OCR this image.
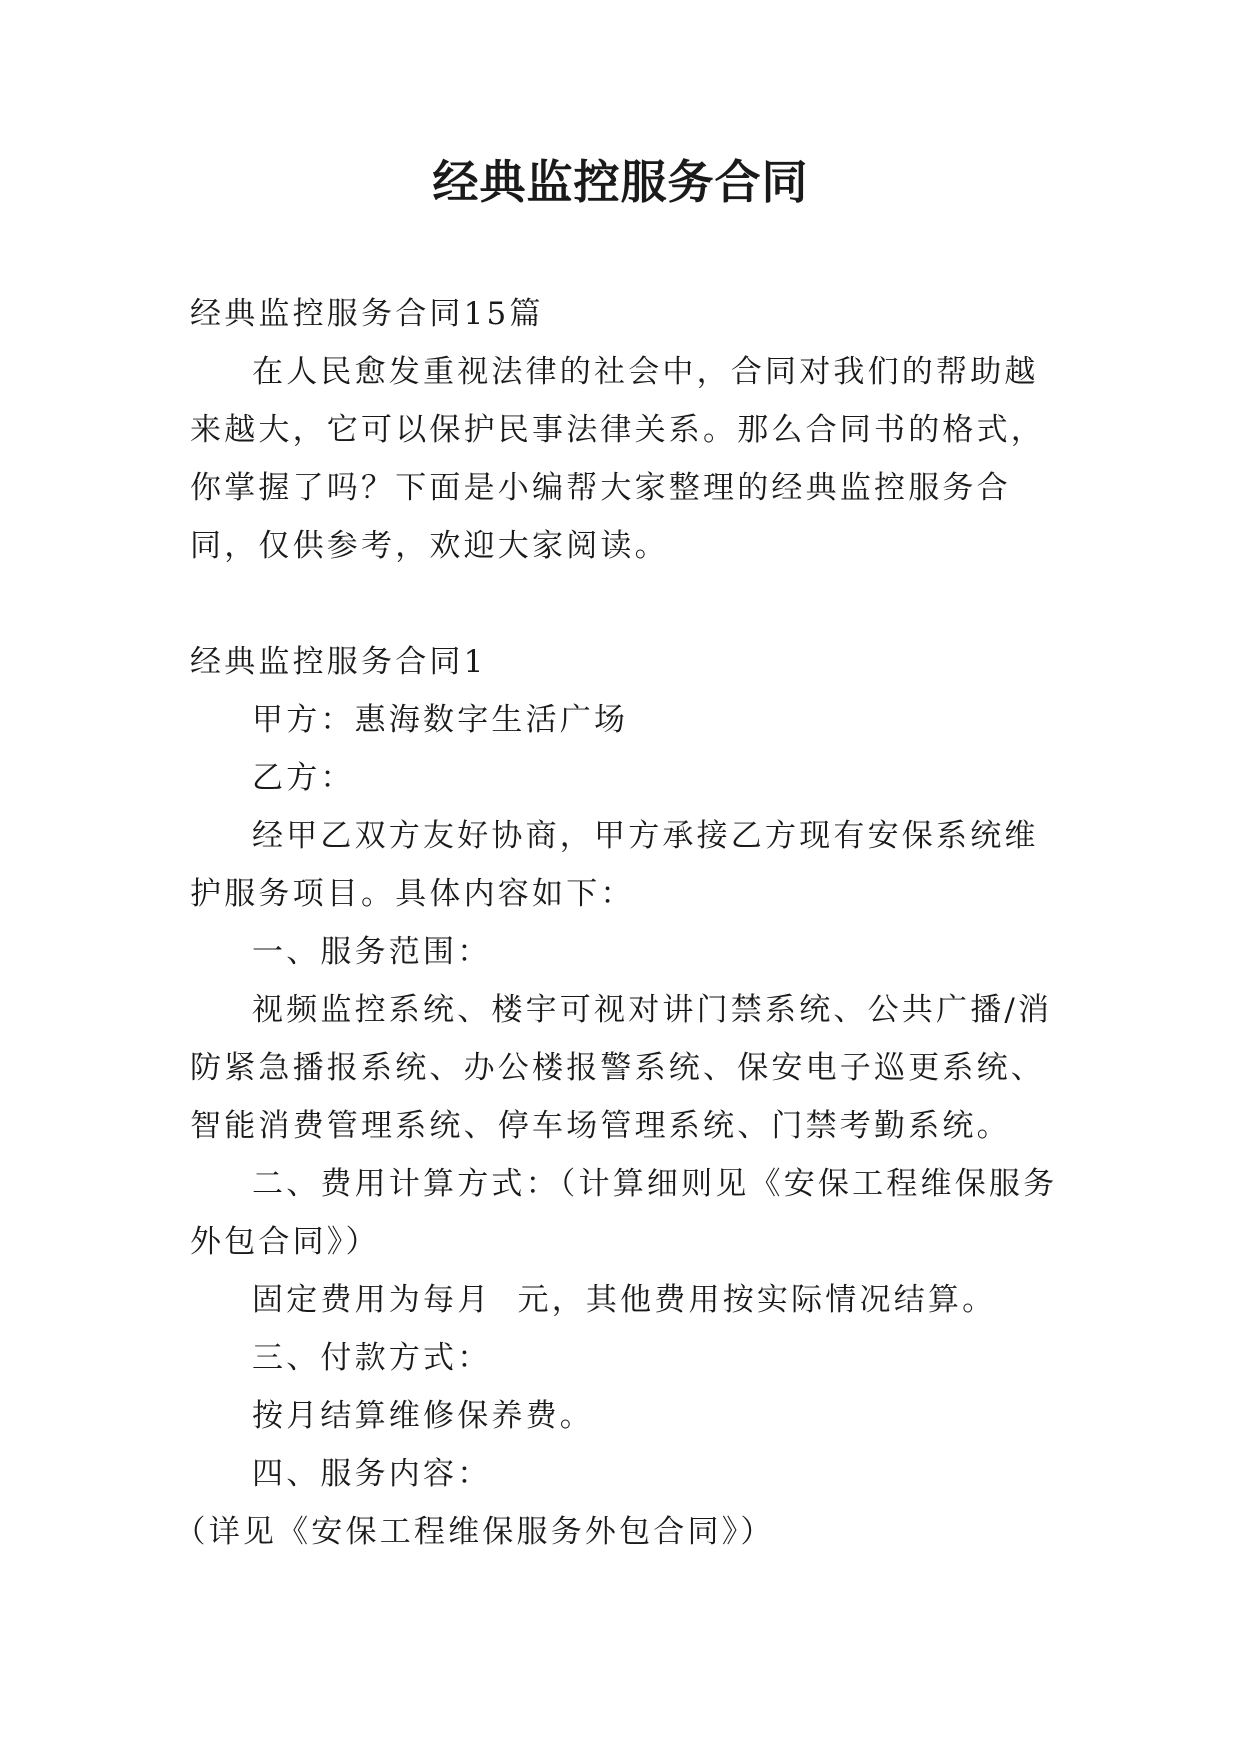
经典监控服务合同

经典监控服务合同15篇

在人民愈发重视法律的社会中，合同对我们的帮助越来越大，它可以保护民事法律关系。那么合同书的格式，你掌握了吗？下面是小编帮大家整理的经典监控服务合同，仅供参考，欢迎大家阅读。

经典监控服务合同1

甲方：惠海数字生活广场

乙方：

经甲乙双方友好协商，甲方承接乙方现有安保系统维护服务项目。具体内容如下：

一、服务范围：

视频监控系统、楼宇可视对讲门禁系统、公共广播/消防紧急播报系统、办公楼报警系统、保安电子巡更系统、智能消费管理系统、停车场管理系统、门禁考勤系统。

二、费用计算方式：（计算细则见《安保工程维保服务外包合同》）

固定费用为每月  元，其他费用按实际情况结算。

三、付款方式：

按月结算维修保养费。

四、服务内容：

（详见《安保工程维保服务外包合同》）
